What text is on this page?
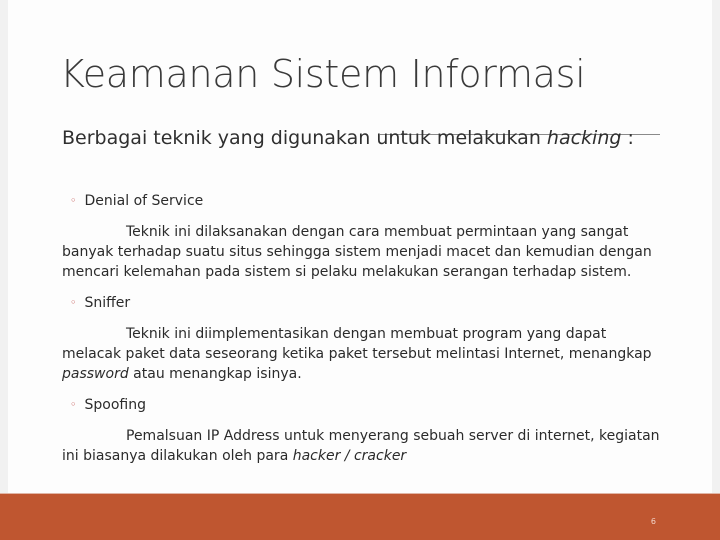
Keamanan Sistem Informasi
Berbagai teknik yang digunakan untuk melakukan hacking :
◦ Denial of Service
Teknik ini dilaksanakan dengan cara membuat permintaan yang sangat banyak terhadap suatu situs sehingga sistem menjadi macet dan kemudian dengan mencari kelemahan pada sistem si pelaku melakukan serangan terhadap sistem.
◦ Sniffer
Teknik ini diimplementasikan dengan membuat program yang dapat melacak paket data seseorang ketika paket tersebut melintasi Internet, menangkap password atau menangkap isinya.
◦ Spoofing
Pemalsuan IP Address untuk menyerang sebuah server di internet, kegiatan ini biasanya dilakukan oleh para hacker / cracker
6
